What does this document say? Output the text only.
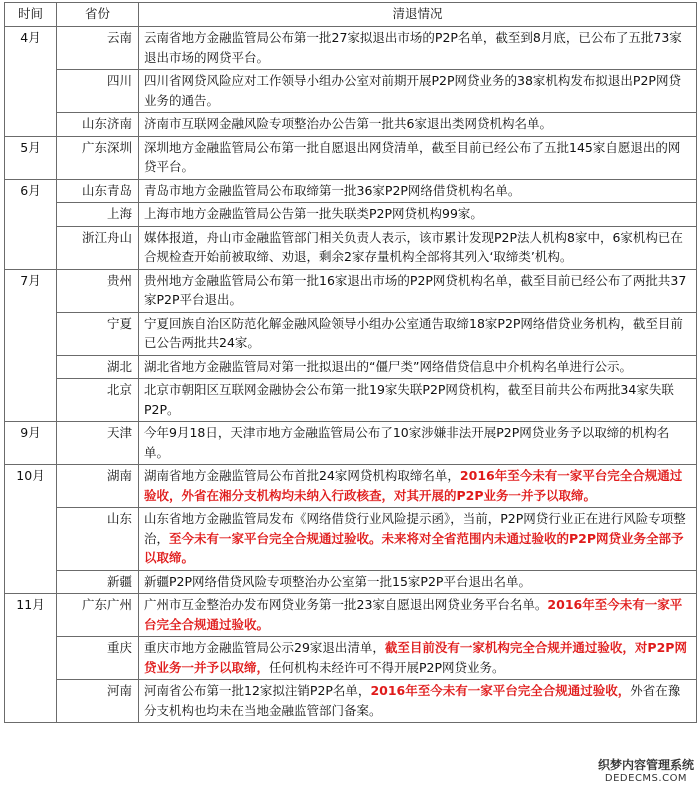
时间	省份	清退情况
4月	云南	云南省地方金融监管局公布第一批27家拟退出市场的P2P名单，截至到8月底，已公布了五批73家退出市场的网贷平台。
	四川	四川省网贷风险应对工作领导小组办公室对前期开展P2P网贷业务的38家机构发布拟退出P2P网贷业务的通告。
	山东济南	济南市互联网金融风险专项整治办公告第一批共6家退出类网贷机构名单。
5月	广东深圳	深圳地方金融监管局公布第一批自愿退出网贷清单，截至目前已经公布了五批145家自愿退出的网贷平台。
6月	山东青岛	青岛市地方金融监管局公布取缔第一批36家P2P网络借贷机构名单。
	上海	上海市地方金融监管局公告第一批失联类P2P网贷机构99家。
	浙江舟山	媒体报道，舟山市金融监管部门相关负责人表示，该市累计发现P2P法人机构8家中，6家机构已在合规检查开始前被取缔、劝退，剩余2家存量机构全部将其列入‘取缔类’机构。
7月	贵州	贵州地方金融监管局公布第一批16家退出市场的P2P网贷机构名单，截至目前已经公布了两批共37家P2P平台退出。
	宁夏	宁夏回族自治区防范化解金融风险领导小组办公室通告取缔18家P2P网络借贷业务机构，截至目前已公告两批共24家。
	湖北	湖北省地方金融监管局对第一批拟退出的“僵尸类”网络借贷信息中介机构名单进行公示。
	北京	北京市朝阳区互联网金融协会公布第一批19家失联P2P网贷机构，截至目前共公布两批34家失联P2P。
9月	天津	今年9月18日，天津市地方金融监管局公布了10家涉嫌非法开展P2P网贷业务予以取缔的机构名单。
10月	湖南	湖南省地方金融监管局公布首批24家网贷机构取缔名单，2016年至今未有一家平台完全合规通过验收，外省在湘分支机构均未纳入行政核查，对其开展的P2P业务一并予以取缔。
	山东	山东省地方金融监管局发布《网络借贷行业风险提示函》，当前，P2P网贷行业正在进行风险专项整治，至今未有一家平台完全合规通过验收。未来将对全省范围内未通过验收的P2P网贷业务全部予以取缔。
	新疆	新疆P2P网络借贷风险专项整治办公室第一批15家P2P平台退出名单。
11月	广东广州	广州市互金整治办发布网贷业务第一批23家自愿退出网贷业务平台名单。2016年至今未有一家平台完全合规通过验收。
	重庆	重庆市地方金融监管局公示29家退出清单，截至目前没有一家机构完全合规并通过验收，对P2P网贷业务一并予以取缔，任何机构未经许可不得开展P2P网贷业务。
	河南	河南省公布第一批12家拟注销P2P名单，2016年至今未有一家平台完全合规通过验收，外省在豫分支机构也均未在当地金融监管部门备案。
织梦内容管理系统
DEDECMS.COM
